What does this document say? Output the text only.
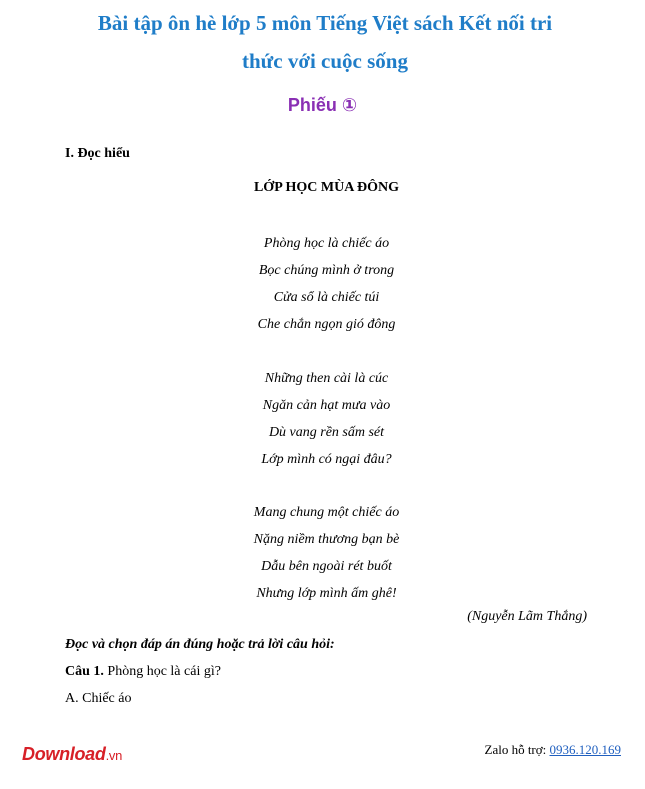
Bài tập ôn hè lớp 5 môn Tiếng Việt sách Kết nối tri
thức với cuộc sống
Phiếu ①
I. Đọc hiểu
LỚP HỌC MÙA ĐÔNG
Phòng học là chiếc áo
Bọc chúng mình ở trong
Cửa sổ là chiếc túi
Che chắn ngọn gió đông
Những then cài là cúc
Ngăn cản hạt mưa vào
Dù vang rền sấm sét
Lớp mình có ngại đâu?
Mang chung một chiếc áo
Nặng niềm thương bạn bè
Dẫu bên ngoài rét buốt
Nhưng lớp mình ấm ghê!
(Nguyễn Lãm Thắng)
Đọc và chọn đáp án đúng hoặc trả lời câu hỏi:
Câu 1. Phòng học là cái gì?
A. Chiếc áo
Download.vn	Zalo hỗ trợ: 0936.120.169
